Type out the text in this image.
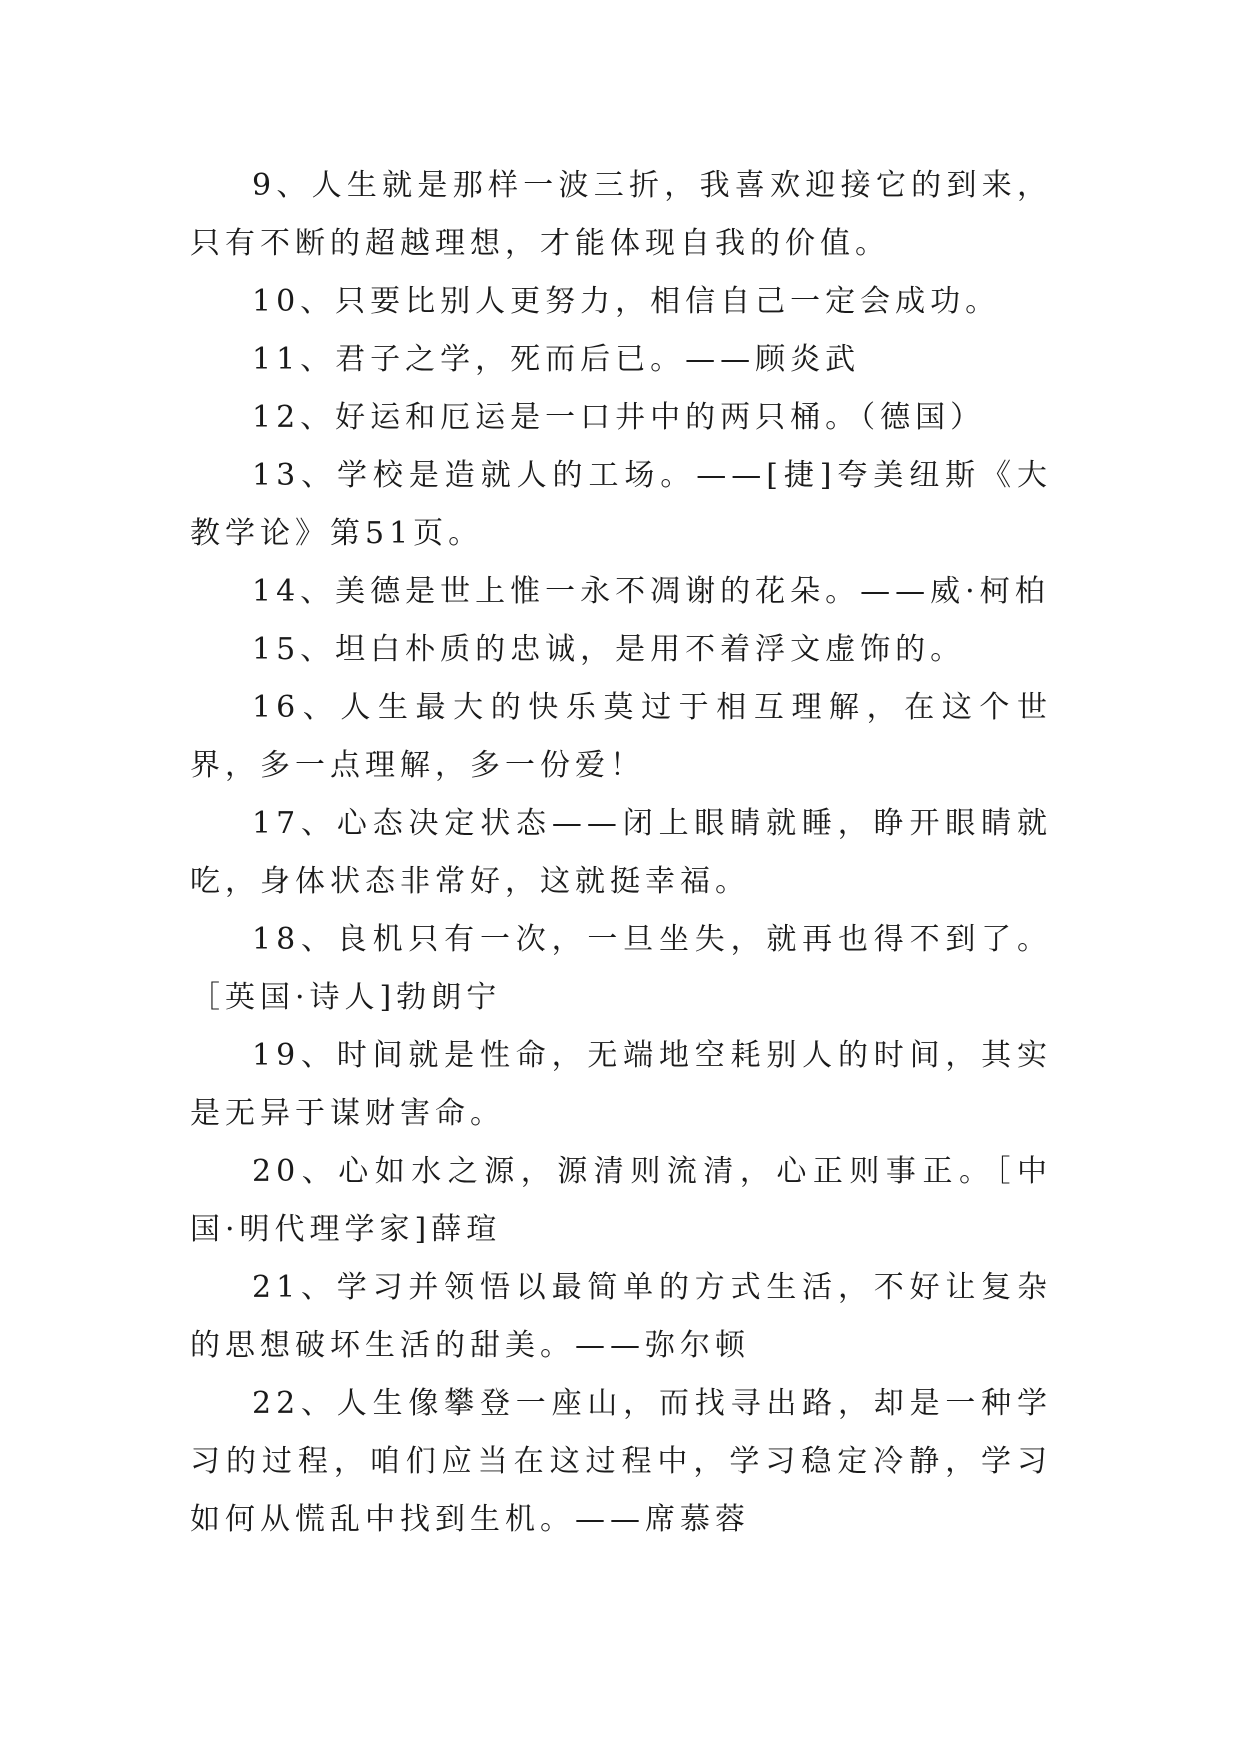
9、人生就是那样一波三折，我喜欢迎接它的到来，只有不断的超越理想，才能体现自我的价值。

10、只要比别人更努力，相信自己一定会成功。

11、君子之学，死而后已。——顾炎武

12、好运和厄运是一口井中的两只桶。（德国）

13、学校是造就人的工场。——[捷]夸美纽斯《大教学论》第51页。

14、美德是世上惟一永不凋谢的花朵。——威·柯柏

15、坦白朴质的忠诚，是用不着浮文虚饰的。

16、人生最大的快乐莫过于相互理解，在这个世界，多一点理解，多一份爱！

17、心态决定状态——闭上眼睛就睡，睁开眼睛就吃，身体状态非常好，这就挺幸福。

18、良机只有一次，一旦坐失，就再也得不到了。［英国·诗人]勃朗宁

19、时间就是性命，无端地空耗别人的时间，其实是无异于谋财害命。

20、心如水之源，源清则流清，心正则事正。［中国·明代理学家]薛瑄

21、学习并领悟以最简单的方式生活，不好让复杂的思想破坏生活的甜美。——弥尔顿

22、人生像攀登一座山，而找寻出路，却是一种学习的过程，咱们应当在这过程中，学习稳定冷静，学习如何从慌乱中找到生机。——席慕蓉
